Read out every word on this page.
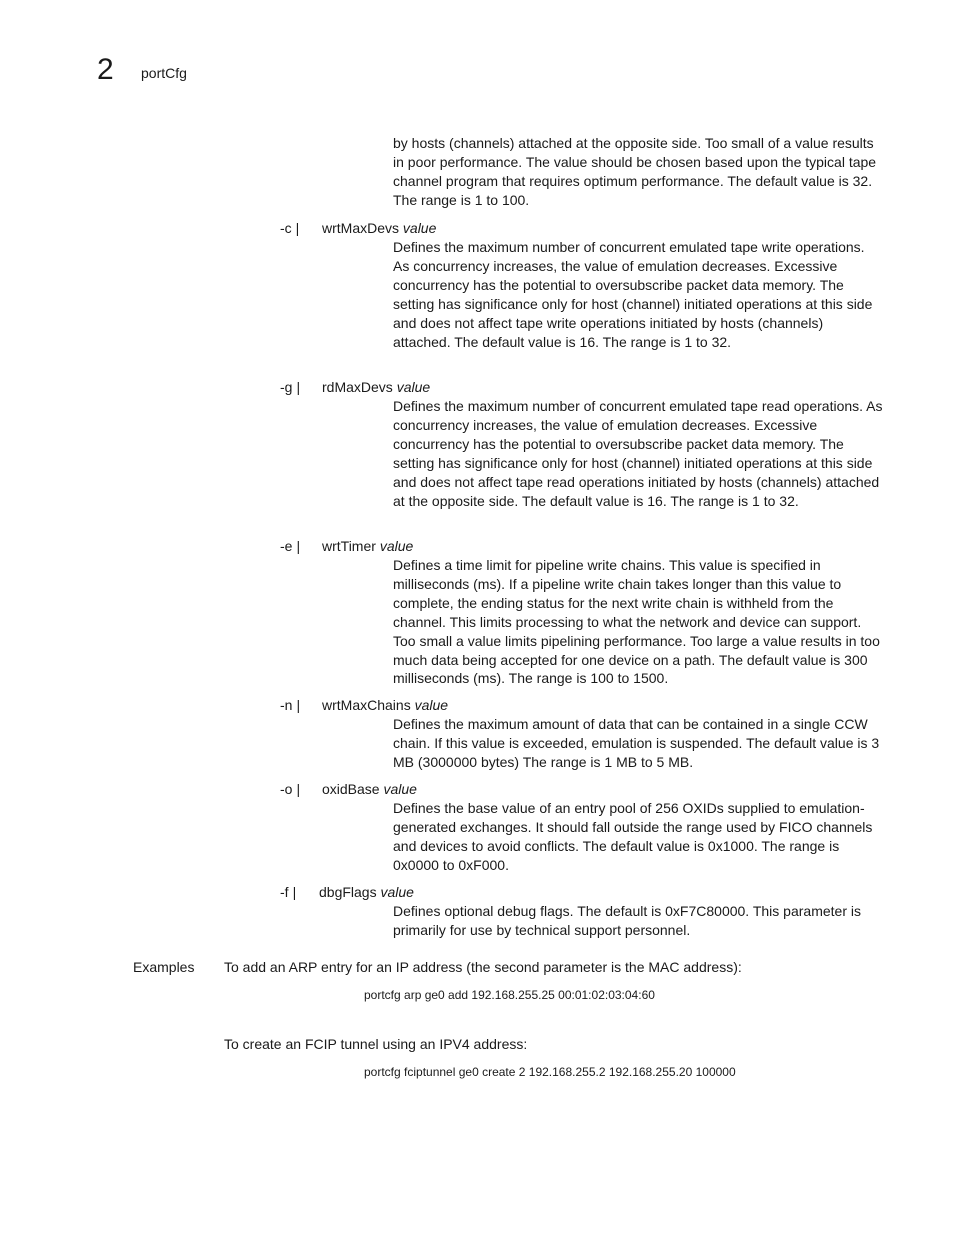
2 portCfg
by hosts (channels) attached at the opposite side. Too small of a value results in poor performance. The value should be chosen based upon the typical tape channel program that requires optimum performance. The default value is 32. The range is 1 to 100.
-c | wrtMaxDevs value
Defines the maximum number of concurrent emulated tape write operations. As concurrency increases, the value of emulation decreases. Excessive concurrency has the potential to oversubscribe packet data memory. The setting has significance only for host (channel) initiated operations at this side and does not affect tape write operations initiated by hosts (channels) attached. The default value is 16. The range is 1 to 32.
-g | rdMaxDevs value
Defines the maximum number of concurrent emulated tape read operations. As concurrency increases, the value of emulation decreases. Excessive concurrency has the potential to oversubscribe packet data memory. The setting has significance only for host (channel) initiated operations at this side and does not affect tape read operations initiated by hosts (channels) attached at the opposite side. The default value is 16. The range is 1 to 32.
-e | wrtTimer value
Defines a time limit for pipeline write chains. This value is specified in milliseconds (ms). If a pipeline write chain takes longer than this value to complete, the ending status for the next write chain is withheld from the channel. This limits processing to what the network and device can support. Too small a value limits pipelining performance. Too large a value results in too much data being accepted for one device on a path. The default value is 300 milliseconds (ms). The range is 100 to 1500.
-n | wrtMaxChains value
Defines the maximum amount of data that can be contained in a single CCW chain. If this value is exceeded, emulation is suspended. The default value is 3 MB (3000000 bytes) The range is 1 MB to 5 MB.
-o | oxidBase value
Defines the base value of an entry pool of 256 OXIDs supplied to emulation-generated exchanges. It should fall outside the range used by FICO channels and devices to avoid conflicts. The default value is 0x1000. The range is 0x0000 to 0xF000.
-f | dbgFlags value
Defines optional debug flags. The default is 0xF7C80000. This parameter is primarily for use by technical support personnel.
Examples To add an ARP entry for an IP address (the second parameter is the MAC address):
portcfg arp ge0 add 192.168.255.25 00:01:02:03:04:60
To create an FCIP tunnel using an IPV4 address:
portcfg fciptunnel ge0 create 2 192.168.255.2 192.168.255.20 100000
